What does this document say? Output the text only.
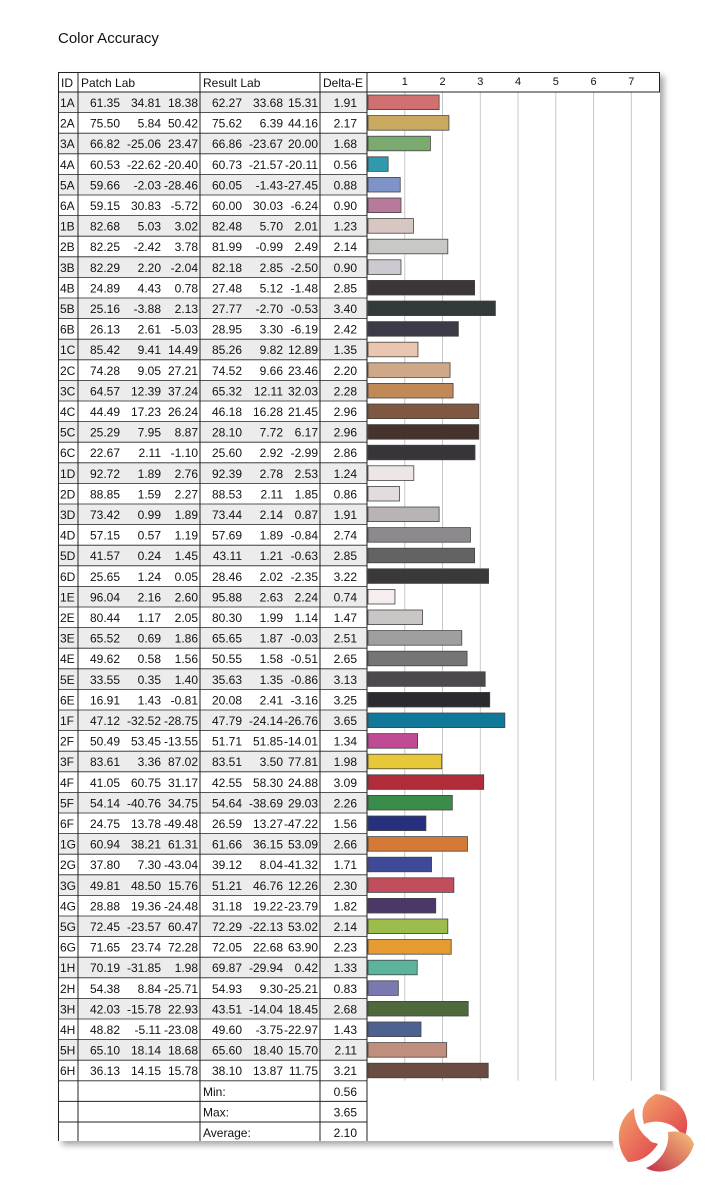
Color Accuracy
ID Patch Lab	Result Lab	Delta-E	1	2	3	4	5	6	7
1A 61.35 34.81 18.38 62.27 33.68 15.31 1.91
2A 75.50 5.84 50.42 75.62 6.39 44.16 2.17
3A 66.82 -25.06 23.47 66.86 -23.67 20.00 1.68
4A 60.53 -22.62 -20.40 60.73 -21.57 -20.11 0.56
5A 59.66 -2.03 -28.46 60.05 -1.43 -27.45 0.88
6A 59.15 30.83 -5.72 60.00 30.03 -6.24 0.90
1B 82.68 5.03 3.02 82.48 5.70 2.01 1.23
2B 82.25 -2.42 3.78 81.99 -0.99 2.49 2.14
3B 82.29 2.20 -2.04 82.18 2.85 -2.50 0.90
4B 24.89 4.43 0.78 27.48 5.12 -1.48 2.85
5B 25.16 -3.88 2.13 27.77 -2.70 -0.53 3.40
6B 26.13 2.61 -5.03 28.95 3.30 -6.19 2.42
1C 85.42 9.41 14.49 85.26 9.82 12.89 1.35
2C 74.28 9.05 27.21 74.52 9.66 23.46 2.20
3C 64.57 12.39 37.24 65.32 12.11 32.03 2.28
4C 44.49 17.23 26.24 46.18 16.28 21.45 2.96
5C 25.29 7.95 8.87 28.10 7.72 6.17 2.96
6C 22.67 2.11 -1.10 25.60 2.92 -2.99 2.86
1D 92.72 1.89 2.76 92.39 2.78 2.53 1.24
2D 88.85 1.59 2.27 88.53 2.11 1.85 0.86
3D 73.42 0.99 1.89 73.44 2.14 0.87 1.91
4D 57.15 0.57 1.19 57.69 1.89 -0.84 2.74
5D 41.57 0.24 1.45 43.11 1.21 -0.63 2.85
6D 25.65 1.24 0.05 28.46 2.02 -2.35 3.22
1E 96.04 2.16 2.60 95.88 2.63 2.24 0.74
2E 80.44 1.17 2.05 80.30 1.99 1.14 1.47
3E 65.52 0.69 1.86 65.65 1.87 -0.03 2.51
4E 49.62 0.58 1.56 50.55 1.58 -0.51 2.65
5E 33.55 0.35 1.40 35.63 1.35 -0.86 3.13
6E 16.91 1.43 -0.81 20.08 2.41 -3.16 3.25
1F 47.12 -32.52 -28.75 47.79 -24.14 -26.76 3.65
2F 50.49 53.45 -13.55 51.71 51.85 -14.01 1.34
3F 83.61 3.36 87.02 83.51 3.50 77.81 1.98
4F 41.05 60.75 31.17 42.55 58.30 24.88 3.09
5F 54.14 -40.76 34.75 54.64 -38.69 29.03 2.26
6F 24.75 13.78 -49.48 26.59 13.27 -47.22 1.56
1G 60.94 38.21 61.31 61.66 36.15 53.09 2.66
2G 37.80 7.30 -43.04 39.12 8.04 -41.32 1.71
3G 49.81 48.50 15.76 51.21 46.76 12.26 2.30
4G 28.88 19.36 -24.48 31.18 19.22 -23.79 1.82
5G 72.45 -23.57 60.47 72.29 -22.13 53.02 2.14
6G 71.65 23.74 72.28 72.05 22.68 63.90 2.23
1H 70.19 -31.85 1.98 69.87 -29.94 0.42 1.33
2H 54.38 8.84 -25.71 54.93 9.30 -25.21 0.83
3H 42.03 -15.78 22.93 43.51 -14.04 18.45 2.68
4H 48.82 -5.11 -23.08 49.60 -3.75 -22.97 1.43
5H 65.10 18.14 18.68 65.60 18.40 15.70 2.11
6H 36.13 14.15 15.78 38.10 13.87 11.75 3.21
Min:	0.56
Max:	3.65
Average:	2.10
